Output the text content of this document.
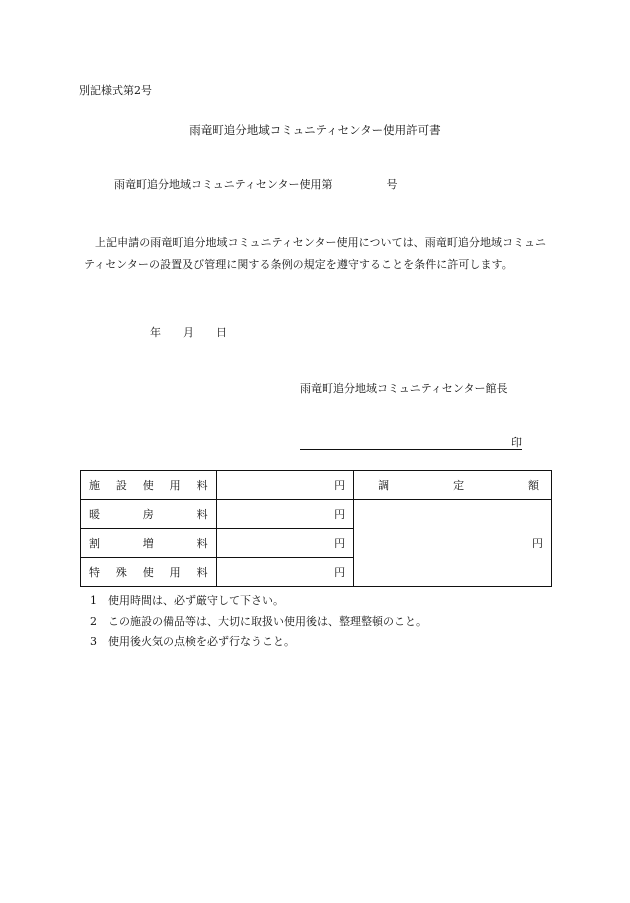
別記様式第2号
雨竜町追分地域コミュニティセンター使用許可書
雨竜町追分地域コミュニティセンター使用第	号
上記申請の雨竜町追分地域コミュニティセンター使用については、雨竜町追分地域コミュニティセンターの設置及び管理に関する条例の規定を遵守することを条件に許可します。
年 月 日
雨竜町追分地域コミュニティセンター館長
印
施 設 使 用 料	円	調 定 額

暖 房 料	円	円

割 増 料	円	

特 殊 使 用 料	円	
1 使用時間は、必ず厳守して下さい。
2 この施設の備品等は、大切に取扱い使用後は、整理整頓のこと。
3 使用後火気の点検を必ず行なうこと。
